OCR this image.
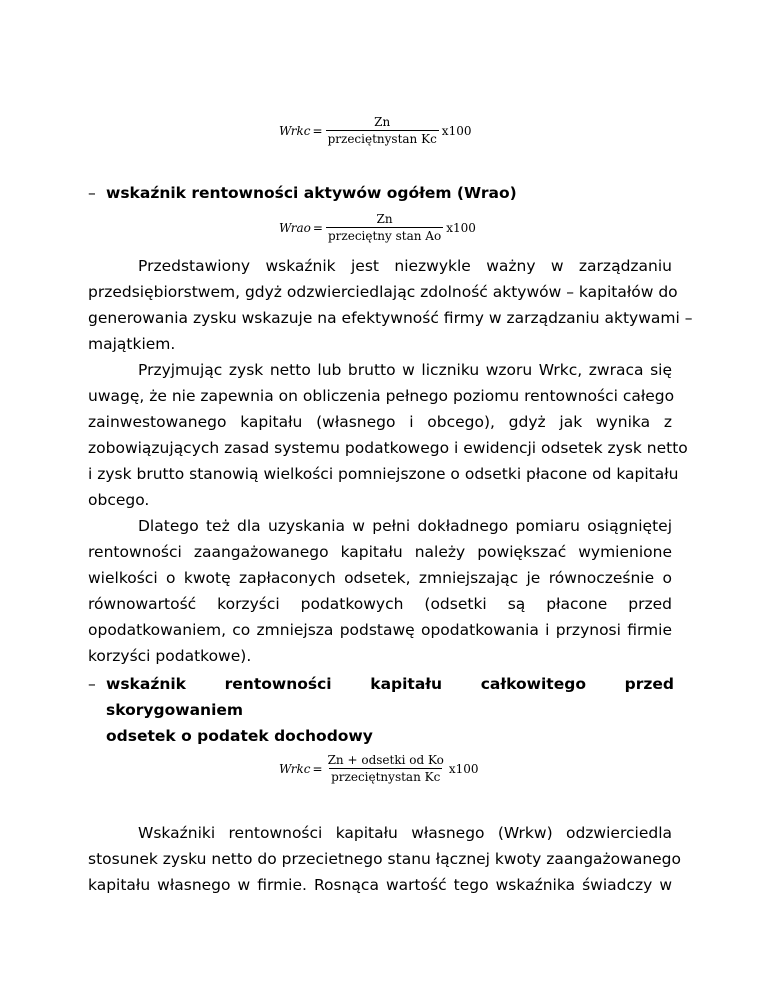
Wrkc = $\frac{Zn}{\text{przeciętnystan Kc}} x100$
– wskaźnik rentowności aktywów ogółem (Wrao)
Wrao = $\frac{Zn}{\text{przeciętny stan Ao}} x100$
Przedstawiony wskaźnik jest niezwykle ważny w zarządzaniu
przedsiębiorstwem, gdyż odzwierciedlając zdolność aktywów – kapitałów do
generowania zysku wskazuje na efektywność firmy w zarządzaniu aktywami –
majątkiem.
Przyjmując zysk netto lub brutto w liczniku wzoru Wrkc, zwraca się
uwagę, że nie zapewnia on obliczenia pełnego poziomu rentowności całego
zainwestowanego kapitału (własnego i obcego), gdyż jak wynika z
zobowiązujących zasad systemu podatkowego i ewidencji odsetek zysk netto
i zysk brutto stanowią wielkości pomniejszone o odsetki płacone od kapitału
obcego.
Dlatego też dla uzyskania w pełni dokładnego pomiaru osiągniętej
rentowności zaangażowanego kapitału należy powiększać wymienione
wielkości o kwotę zapłaconych odsetek, zmniejszając je równocześnie o
równowartość korzyści podatkowych (odsetki są płacone przed
opodatkowaniem, co zmniejsza podstawę opodatkowania i przynosi firmie
korzyści podatkowe).
– wskaźnik rentowności kapitału całkowitego przed skorygowaniem
odsetek o podatek dochodowy
Wrkc = $\frac{\text{Zn + odsetki od Ko}}{\text{przeciętnystan Kc}} x100$
Wskaźniki rentowności kapitału własnego (Wrkw) odzwierciedla
stosunek zysku netto do przecietnego stanu łącznej kwoty zaangażowanego
kapitału własnego w firmie. Rosnąca wartość tego wskaźnika świadczy w
